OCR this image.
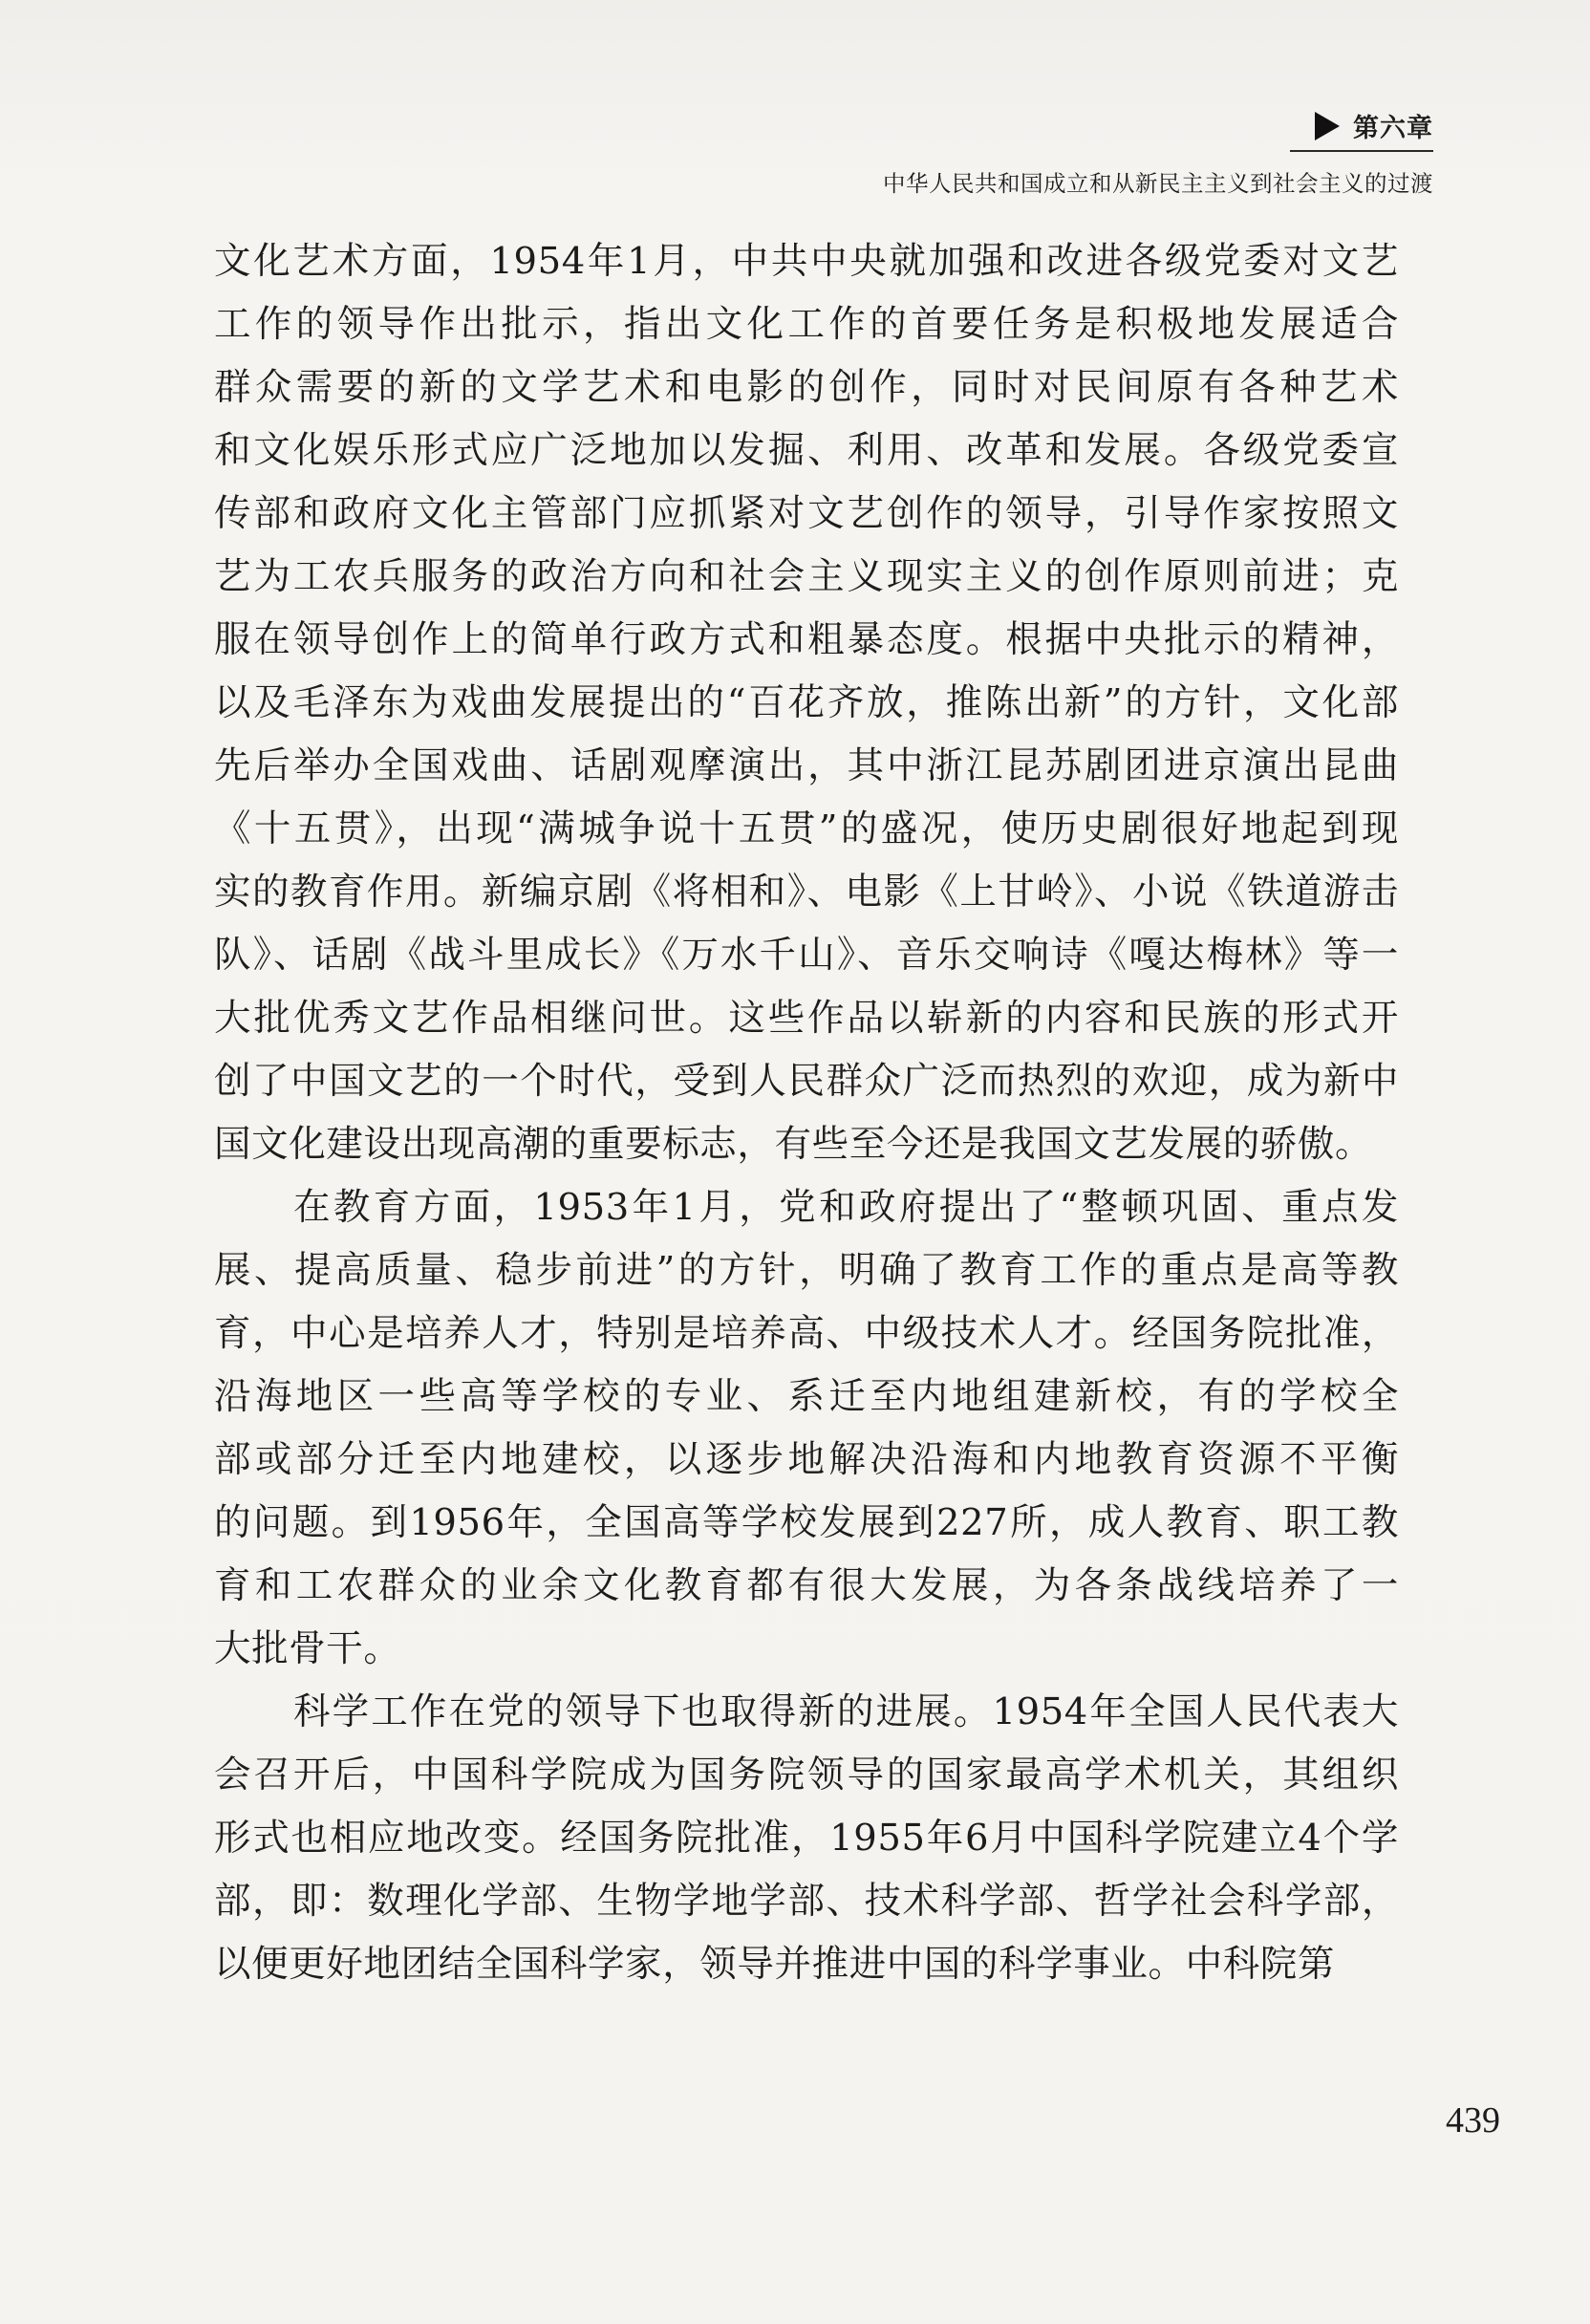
第六章
中华人民共和国成立和从新民主主义到社会主义的过渡
文化艺术方面，1954年1月，中共中央就加强和改进各级党委对文艺
工作的领导作出批示，指出文化工作的首要任务是积极地发展适合
群众需要的新的文学艺术和电影的创作，同时对民间原有各种艺术
和文化娱乐形式应广泛地加以发掘、利用、改革和发展。各级党委宣
传部和政府文化主管部门应抓紧对文艺创作的领导，引导作家按照文
艺为工农兵服务的政治方向和社会主义现实主义的创作原则前进；克
服在领导创作上的简单行政方式和粗暴态度。根据中央批示的精神，
以及毛泽东为戏曲发展提出的“百花齐放，推陈出新”的方针，文化部
先后举办全国戏曲、话剧观摩演出，其中浙江昆苏剧团进京演出昆曲
《十五贯》，出现“满城争说十五贯”的盛况，使历史剧很好地起到现
实的教育作用。新编京剧《将相和》、电影《上甘岭》、小说《铁道游击
队》、话剧《战斗里成长》《万水千山》、音乐交响诗《嘎达梅林》等一
大批优秀文艺作品相继问世。这些作品以崭新的内容和民族的形式开
创了中国文艺的一个时代，受到人民群众广泛而热烈的欢迎，成为新中
国文化建设出现高潮的重要标志，有些至今还是我国文艺发展的骄傲。
在教育方面，1953年1月，党和政府提出了“整顿巩固、重点发
展、提高质量、稳步前进”的方针，明确了教育工作的重点是高等教
育，中心是培养人才，特别是培养高、中级技术人才。经国务院批准，
沿海地区一些高等学校的专业、系迁至内地组建新校，有的学校全
部或部分迁至内地建校，以逐步地解决沿海和内地教育资源不平衡
的问题。到1956年，全国高等学校发展到227所，成人教育、职工教
育和工农群众的业余文化教育都有很大发展，为各条战线培养了一
大批骨干。
科学工作在党的领导下也取得新的进展。1954年全国人民代表大
会召开后，中国科学院成为国务院领导的国家最高学术机关，其组织
形式也相应地改变。经国务院批准，1955年6月中国科学院建立4个学
部，即：数理化学部、生物学地学部、技术科学部、哲学社会科学部，
以便更好地团结全国科学家，领导并推进中国的科学事业。中科院第
439
